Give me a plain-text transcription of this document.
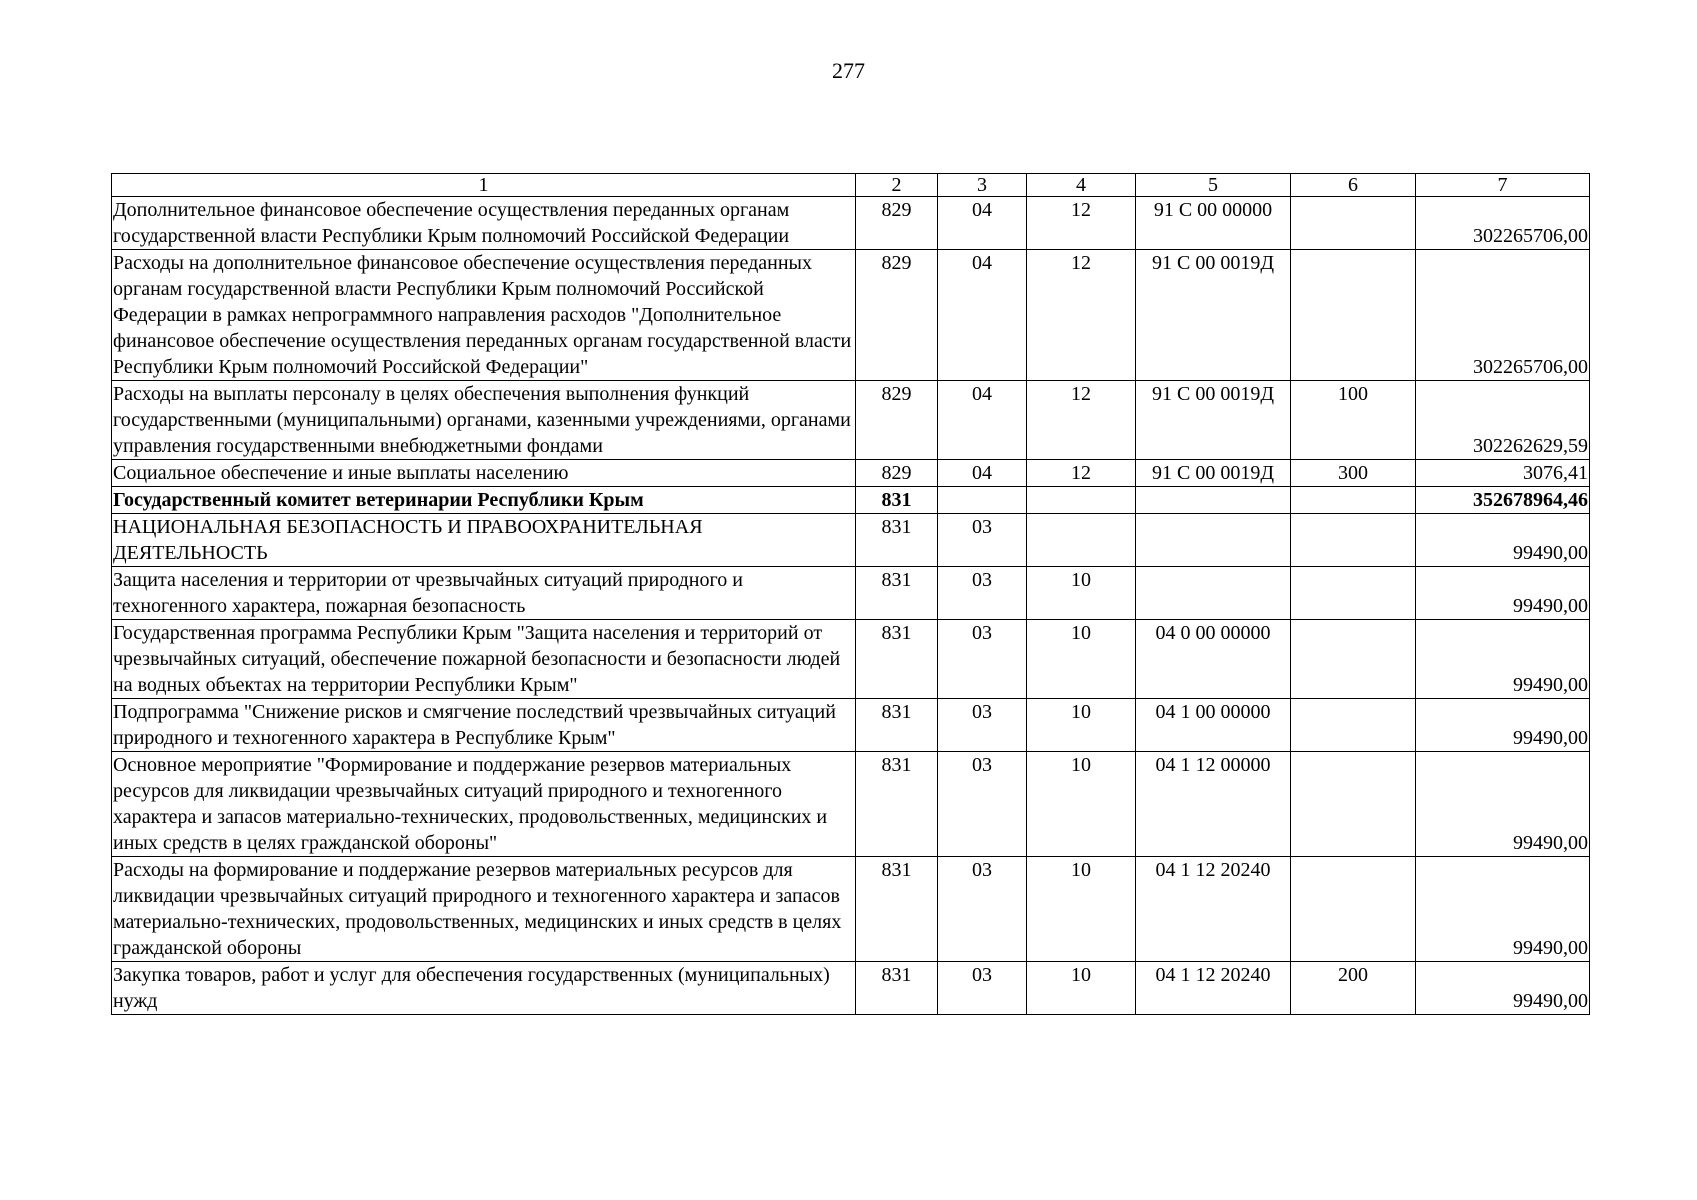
277
1	2	3	4	5	6	7
Дополнительное финансовое обеспечение осуществления переданных органам государственной власти Республики Крым полномочий Российской Федерации	829	04	12	91 С 00 00000		302265706,00
Расходы на дополнительное финансовое обеспечение осуществления переданных органам государственной власти Республики Крым полномочий Российской Федерации в рамках непрограммного направления расходов "Дополнительное финансовое обеспечение осуществления переданных органам государственной власти Республики Крым полномочий Российской Федерации"	829	04	12	91 С 00 0019Д		302265706,00
Расходы на выплаты персоналу в целях обеспечения выполнения функций государственными (муниципальными) органами, казенными учреждениями, органами управления государственными внебюджетными фондами	829	04	12	91 С 00 0019Д	100	302262629,59
Социальное обеспечение и иные выплаты населению	829	04	12	91 С 00 0019Д	300	3076,41
Государственный комитет ветеринарии Республики Крым	831					352678964,46
НАЦИОНАЛЬНАЯ БЕЗОПАСНОСТЬ И ПРАВООХРАНИТЕЛЬНАЯ ДЕЯТЕЛЬНОСТЬ	831	03				99490,00
Защита населения и территории от чрезвычайных ситуаций природного и техногенного характера, пожарная безопасность	831	03	10			99490,00
Государственная программа Республики Крым "Защита населения и территорий от чрезвычайных ситуаций, обеспечение пожарной безопасности и безопасности людей на водных объектах на территории Республики Крым"	831	03	10	04 0 00 00000		99490,00
Подпрограмма "Снижение рисков и смягчение последствий чрезвычайных ситуаций природного и техногенного характера в Республике Крым"	831	03	10	04 1 00 00000		99490,00
Основное мероприятие "Формирование и поддержание резервов материальных ресурсов для ликвидации чрезвычайных ситуаций природного и техногенного характера и запасов материально-технических, продовольственных, медицинских и иных средств в целях гражданской обороны"	831	03	10	04 1 12 00000		99490,00
Расходы на формирование и поддержание резервов материальных ресурсов для ликвидации чрезвычайных ситуаций природного и техногенного характера и запасов материально-технических, продовольственных, медицинских и иных средств в целях гражданской обороны	831	03	10	04 1 12 20240		99490,00
Закупка товаров, работ и услуг для обеспечения государственных (муниципальных) нужд	831	03	10	04 1 12 20240	200	99490,00
